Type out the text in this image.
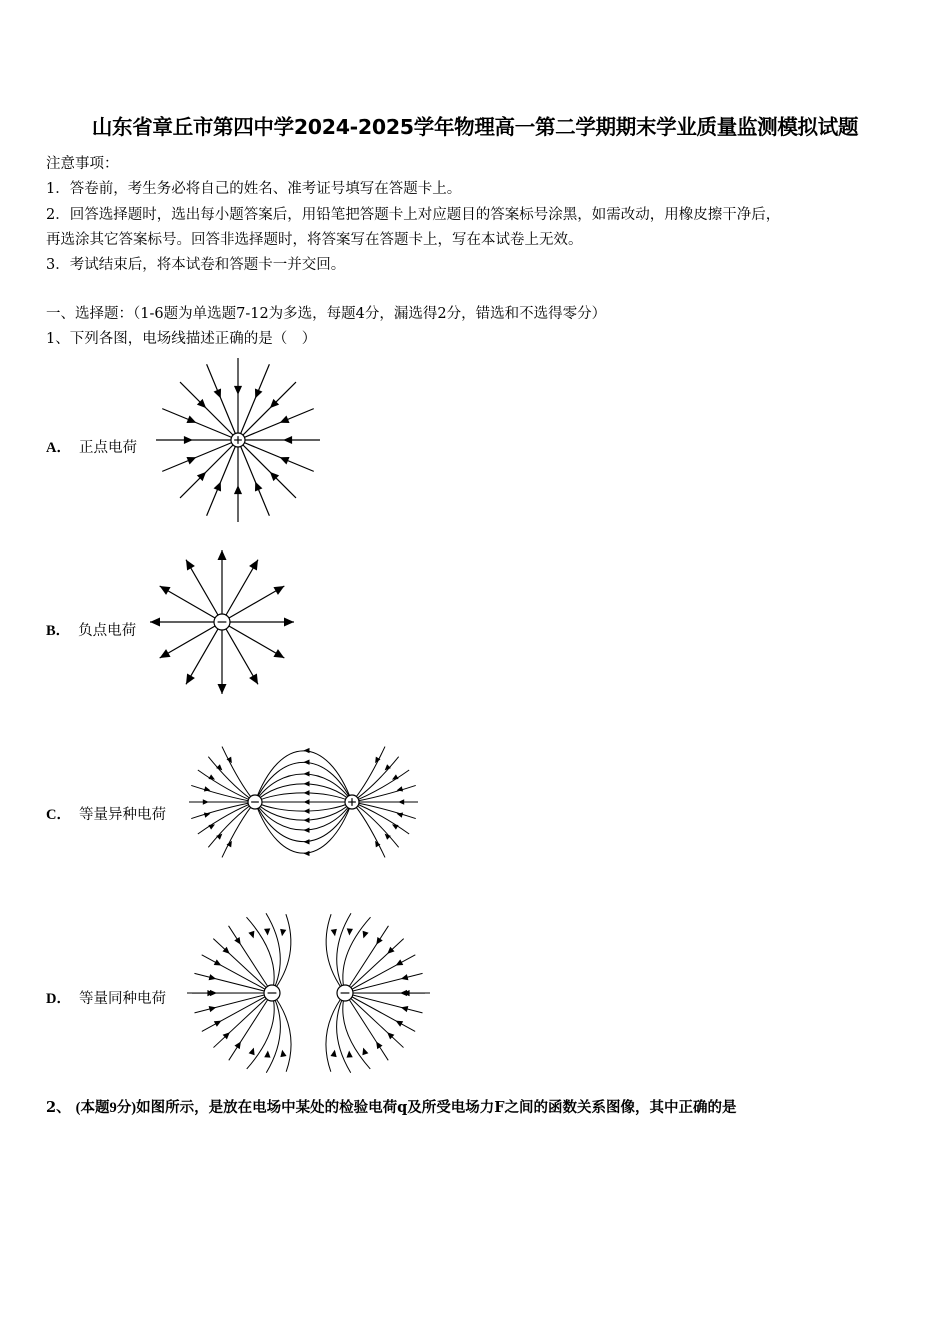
山东省章丘市第四中学2024-2025学年物理高一第二学期期末学业质量监测模拟试题
注意事项：
1．答卷前，考生务必将自己的姓名、准考证号填写在答题卡上。
2．回答选择题时，选出每小题答案后，用铅笔把答题卡上对应题目的答案标号涂黑，如需改动，用橡皮擦干净后，
再选涂其它答案标号。回答非选择题时，将答案写在答题卡上，写在本试卷上无效。
3．考试结束后，将本试卷和答题卡一并交回。
一、选择题：（1-6题为单选题7-12为多选，每题4分，漏选得2分，错选和不选得零分）
1、下列各图，电场线描述正确的是（　）
A． 正点电荷
B． 负点电荷
C． 等量异种电荷
D． 等量同种电荷
2、 (本题9分)如图所示，是放在电场中某处的检验电荷q及所受电场力F之间的函数关系图像，其中正确的是
